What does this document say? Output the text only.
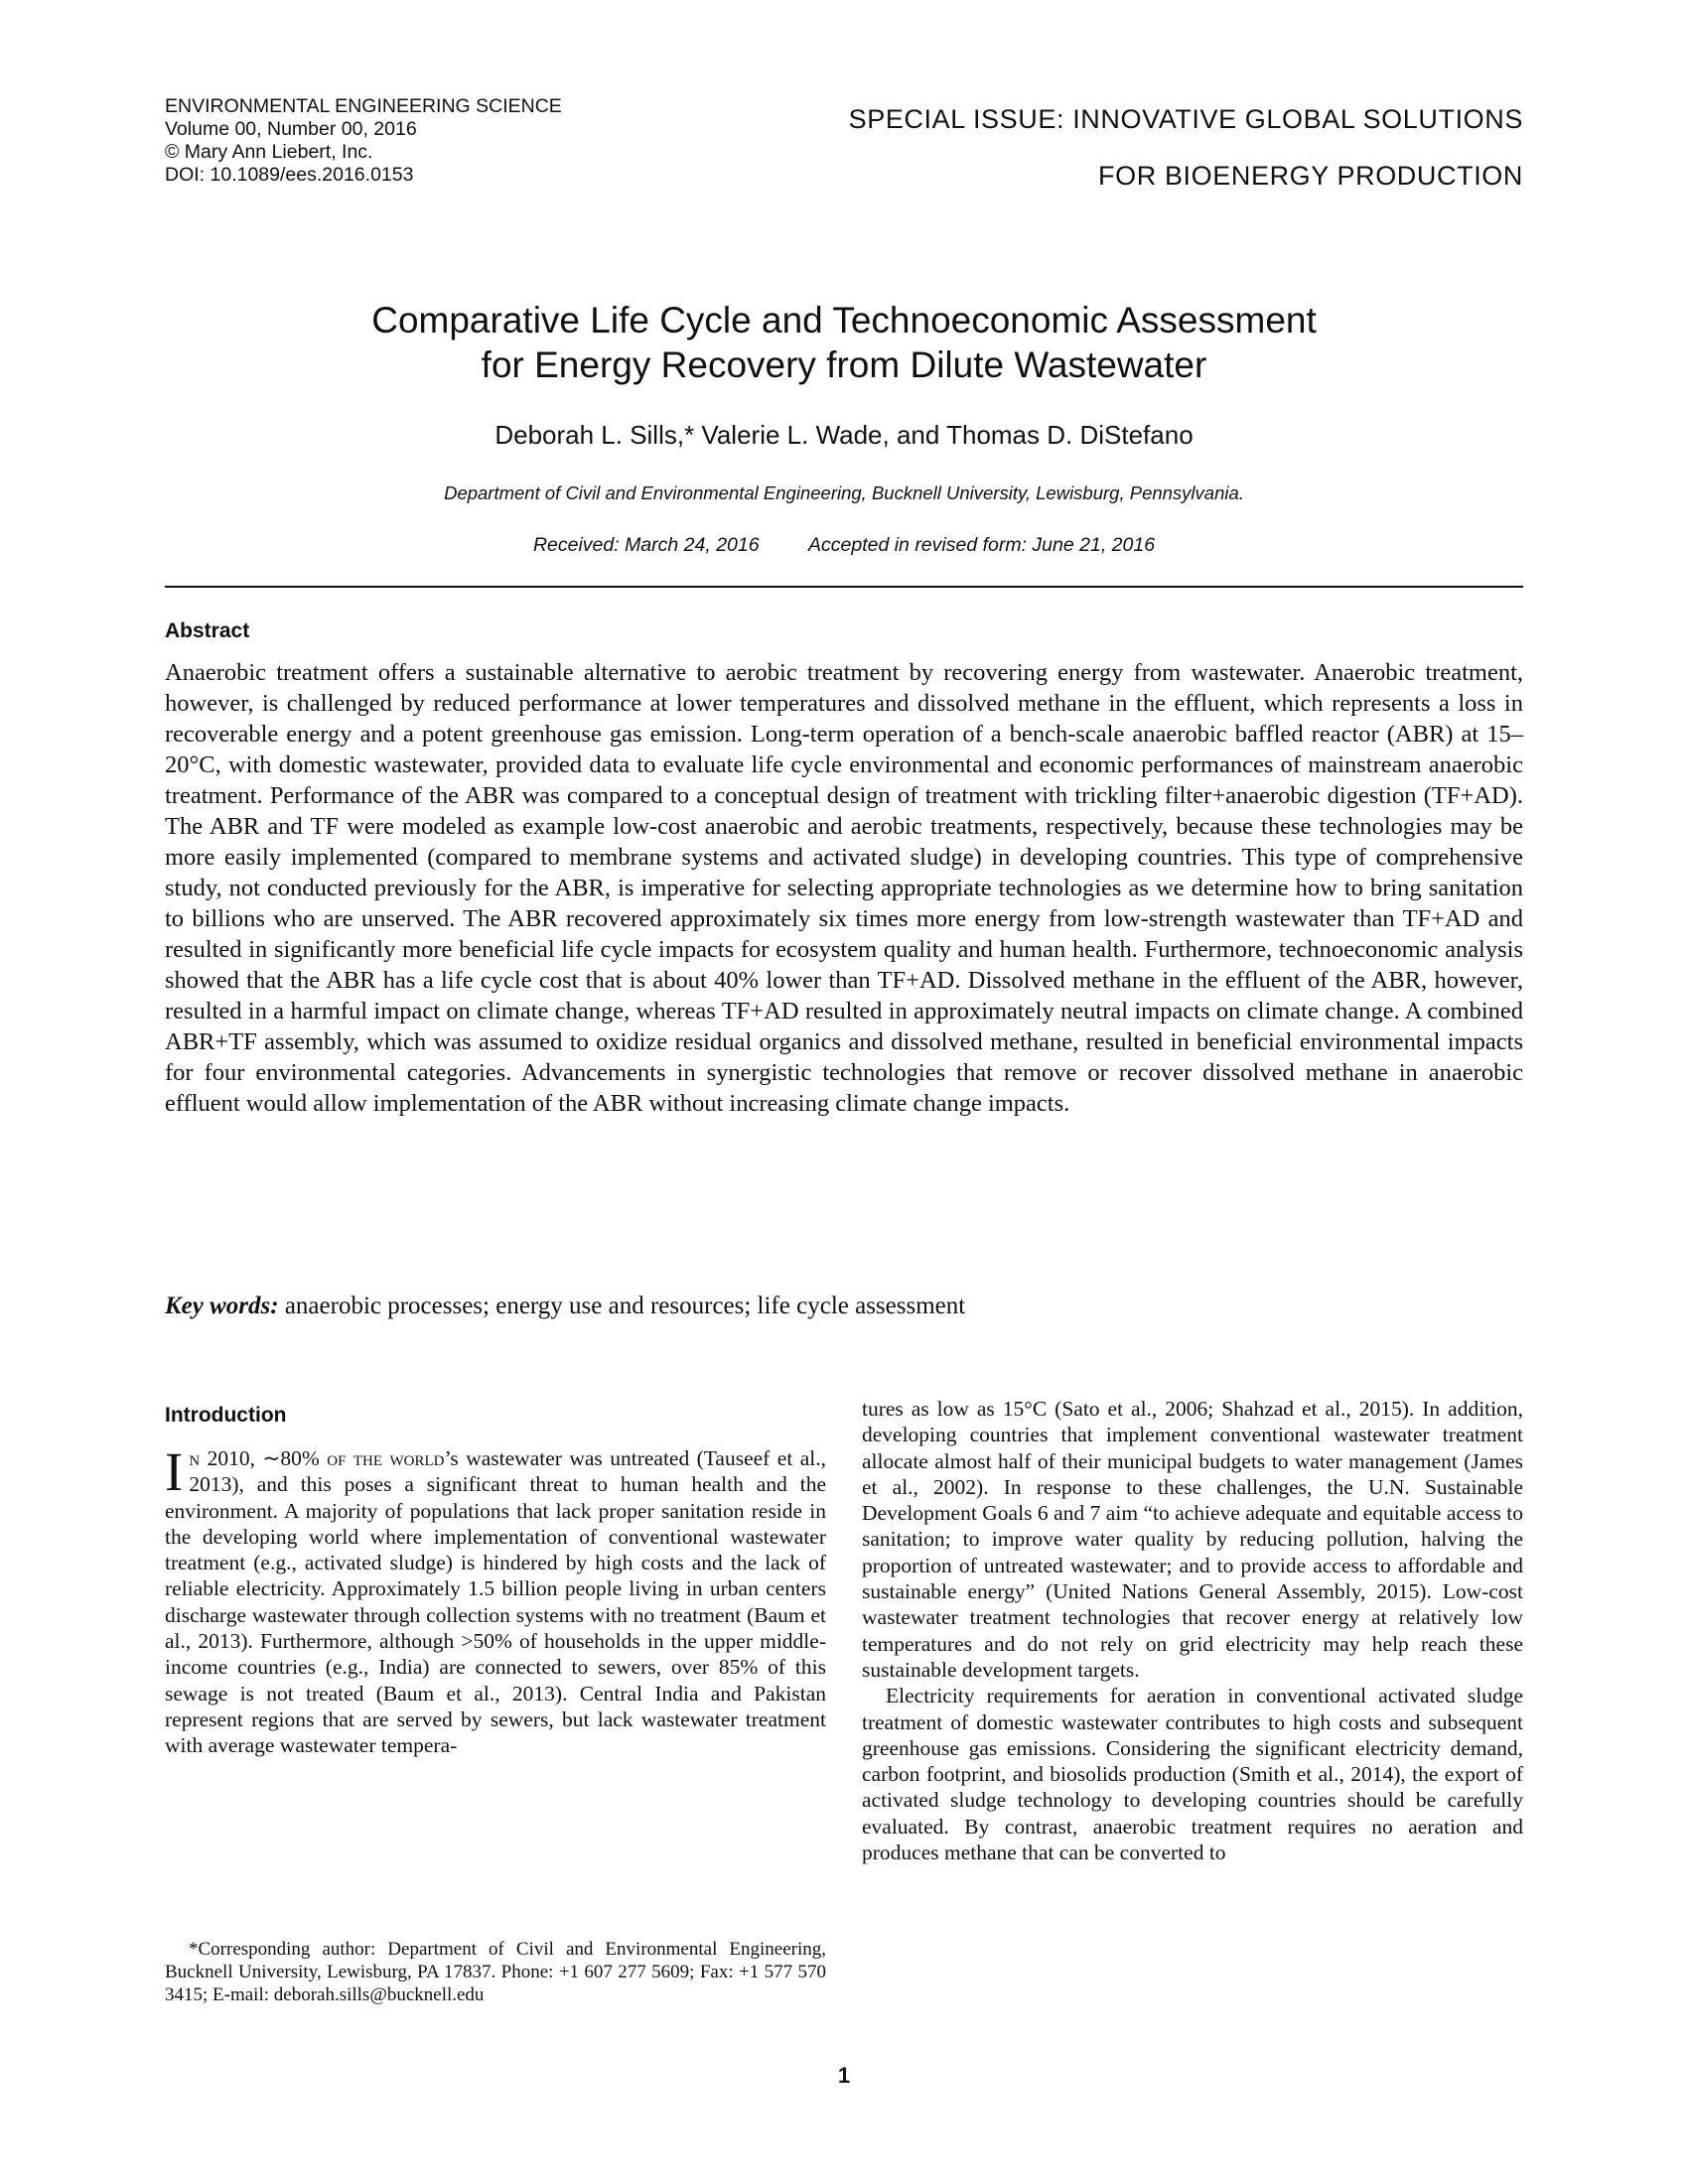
ENVIRONMENTAL ENGINEERING SCIENCE
Volume 00, Number 00, 2016
© Mary Ann Liebert, Inc.
DOI: 10.1089/ees.2016.0153
SPECIAL ISSUE: INNOVATIVE GLOBAL SOLUTIONS
FOR BIOENERGY PRODUCTION
Comparative Life Cycle and Technoeconomic Assessment
for Energy Recovery from Dilute Wastewater
Deborah L. Sills,* Valerie L. Wade, and Thomas D. DiStefano
Department of Civil and Environmental Engineering, Bucknell University, Lewisburg, Pennsylvania.
Received: March 24, 2016	Accepted in revised form: June 21, 2016
Abstract
Anaerobic treatment offers a sustainable alternative to aerobic treatment by recovering energy from wastewater. Anaerobic treatment, however, is challenged by reduced performance at lower temperatures and dissolved methane in the effluent, which represents a loss in recoverable energy and a potent greenhouse gas emission. Long-term operation of a bench-scale anaerobic baffled reactor (ABR) at 15–20°C, with domestic wastewater, provided data to evaluate life cycle environmental and economic performances of mainstream anaerobic treatment. Performance of the ABR was compared to a conceptual design of treatment with trickling filter+anaerobic digestion (TF+AD). The ABR and TF were modeled as example low-cost anaerobic and aerobic treatments, respectively, because these technologies may be more easily implemented (compared to membrane systems and activated sludge) in developing countries. This type of comprehensive study, not conducted previously for the ABR, is imperative for selecting appropriate technologies as we determine how to bring sanitation to billions who are unserved. The ABR recovered approximately six times more energy from low-strength wastewater than TF+AD and resulted in significantly more beneficial life cycle impacts for ecosystem quality and human health. Furthermore, technoeconomic analysis showed that the ABR has a life cycle cost that is about 40% lower than TF+AD. Dissolved methane in the effluent of the ABR, however, resulted in a harmful impact on climate change, whereas TF+AD resulted in approximately neutral impacts on climate change. A combined ABR+TF assembly, which was assumed to oxidize residual organics and dissolved methane, resulted in beneficial environmental impacts for four environmental categories. Advancements in synergistic technologies that remove or recover dissolved methane in anaerobic effluent would allow implementation of the ABR without increasing climate change impacts.
Key words: anaerobic processes; energy use and resources; life cycle assessment
Introduction

In 2010, ∼80% of the world’s wastewater was untreated (Tauseef et al., 2013), and this poses a significant threat to human health and the environment. A majority of populations that lack proper sanitation reside in the developing world where implementation of conventional wastewater treatment (e.g., activated sludge) is hindered by high costs and the lack of reliable electricity. Approximately 1.5 billion people living in urban centers discharge wastewater through collection systems with no treatment (Baum et al., 2013). Furthermore, although >50% of households in the upper middle-income countries (e.g., India) are connected to sewers, over 85% of this sewage is not treated (Baum et al., 2013). Central India and Pakistan represent regions that are served by sewers, but lack wastewater treatment with average wastewater tempera-

tures as low as 15°C (Sato et al., 2006; Shahzad et al., 2015). In addition, developing countries that implement conventional wastewater treatment allocate almost half of their municipal budgets to water management (James et al., 2002). In response to these challenges, the U.N. Sustainable Development Goals 6 and 7 aim “to achieve adequate and equitable access to sanitation; to improve water quality by reducing pollution, halving the proportion of untreated wastewater; and to provide access to affordable and sustainable energy” (United Nations General Assembly, 2015). Low-cost wastewater treatment technologies that recover energy at relatively low temperatures and do not rely on grid electricity may help reach these sustainable development targets.

Electricity requirements for aeration in conventional activated sludge treatment of domestic wastewater contributes to high costs and subsequent greenhouse gas emissions. Considering the significant electricity demand, carbon footprint, and biosolids production (Smith et al., 2014), the export of activated sludge technology to developing countries should be carefully evaluated. By contrast, anaerobic treatment requires no aeration and produces methane that can be converted to

*Corresponding author: Department of Civil and Environmental Engineering, Bucknell University, Lewisburg, PA 17837. Phone: +1 607 277 5609; Fax: +1 577 570 3415; E-mail: deborah.sills@bucknell.edu
1
